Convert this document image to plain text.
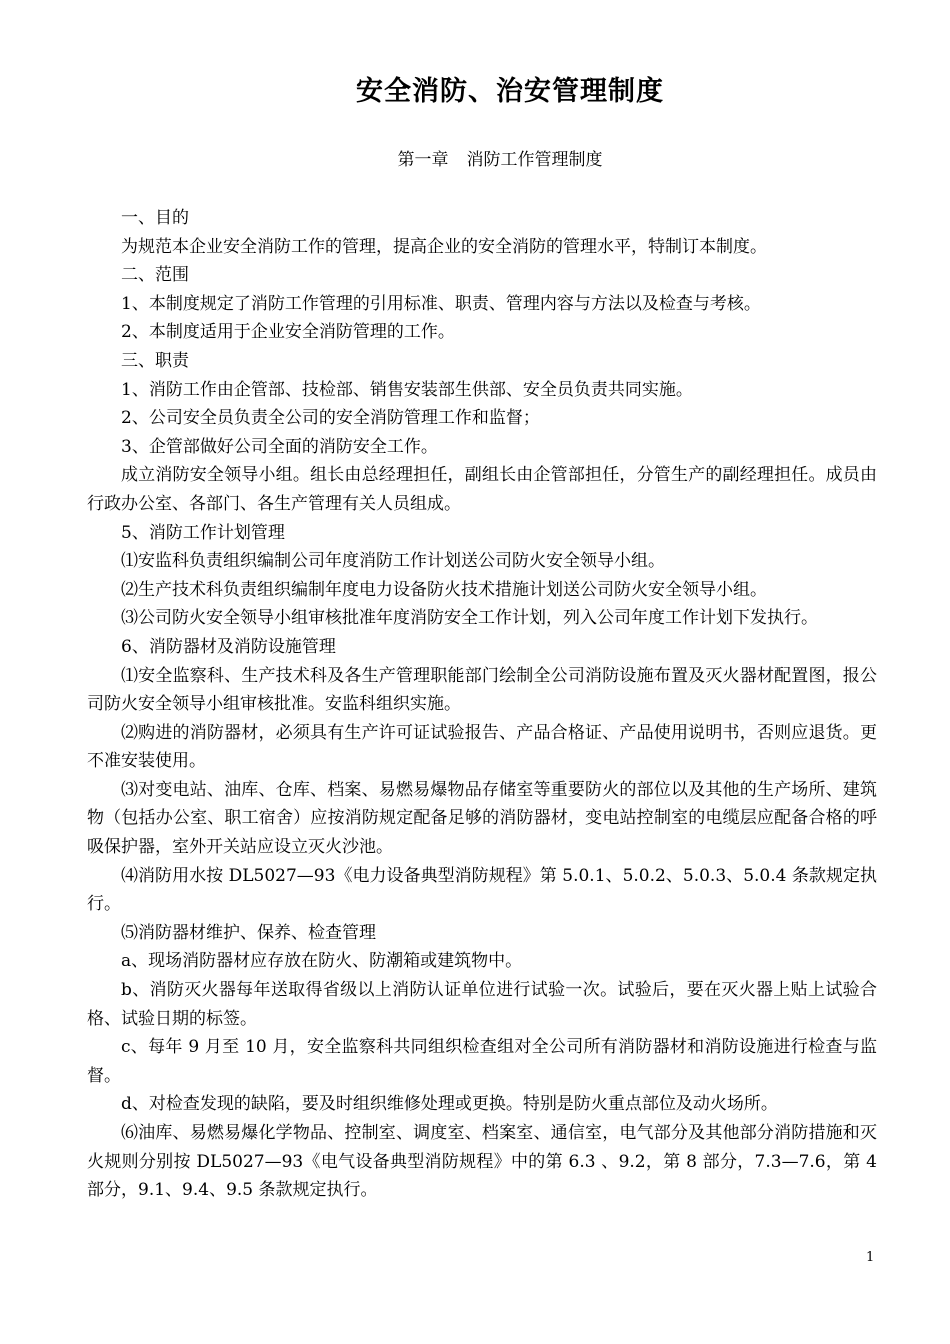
安全消防、治安管理制度
第一章 消防工作管理制度

一、目的

为规范本企业安全消防工作的管理，提高企业的安全消防的管理水平，特制订本制度。

二、范围

1、本制度规定了消防工作管理的引用标准、职责、管理内容与方法以及检查与考核。

2、本制度适用于企业安全消防管理的工作。

三、职责

1、消防工作由企管部、技检部、销售安装部生供部、安全员负责共同实施。

2、公司安全员负责全公司的安全消防管理工作和监督；

3、企管部做好公司全面的消防安全工作。

成立消防安全领导小组。组长由总经理担任，副组长由企管部担任，分管生产的副经理担任。成员由行政办公室、各部门、各生产管理有关人员组成。

5、消防工作计划管理

⑴安监科负责组织编制公司年度消防工作计划送公司防火安全领导小组。

⑵生产技术科负责组织编制年度电力设备防火技术措施计划送公司防火安全领导小组。

⑶公司防火安全领导小组审核批准年度消防安全工作计划，列入公司年度工作计划下发执行。

6、消防器材及消防设施管理

⑴安全监察科、生产技术科及各生产管理职能部门绘制全公司消防设施布置及灭火器材配置图，报公司防火安全领导小组审核批准。安监科组织实施。

⑵购进的消防器材，必须具有生产许可证试验报告、产品合格证、产品使用说明书，否则应退货。更不准安装使用。

⑶对变电站、油库、仓库、档案、易燃易爆物品存储室等重要防火的部位以及其他的生产场所、建筑物（包括办公室、职工宿舍）应按消防规定配备足够的消防器材，变电站控制室的电缆层应配备合格的呼吸保护器，室外开关站应设立灭火沙池。

⑷消防用水按 DL5027—93《电力设备典型消防规程》第 5.0.1、5.0.2、5.0.3、5.0.4 条款规定执行。

⑸消防器材维护、保养、检查管理

a、现场消防器材应存放在防火、防潮箱或建筑物中。

b、消防灭火器每年送取得省级以上消防认证单位进行试验一次。试验后，要在灭火器上贴上试验合格、试验日期的标签。

c、每年 9 月至 10 月，安全监察科共同组织检查组对全公司所有消防器材和消防设施进行检查与监督。

d、对检查发现的缺陷，要及时组织维修处理或更换。特别是防火重点部位及动火场所。

⑹油库、易燃易爆化学物品、控制室、调度室、档案室、通信室，电气部分及其他部分消防措施和灭火规则分别按 DL5027—93《电气设备典型消防规程》中的第 6.3 、9.2，第 8 部分，7.3—7.6，第 4 部分，9.1、9.4、9.5 条款规定执行。

1
